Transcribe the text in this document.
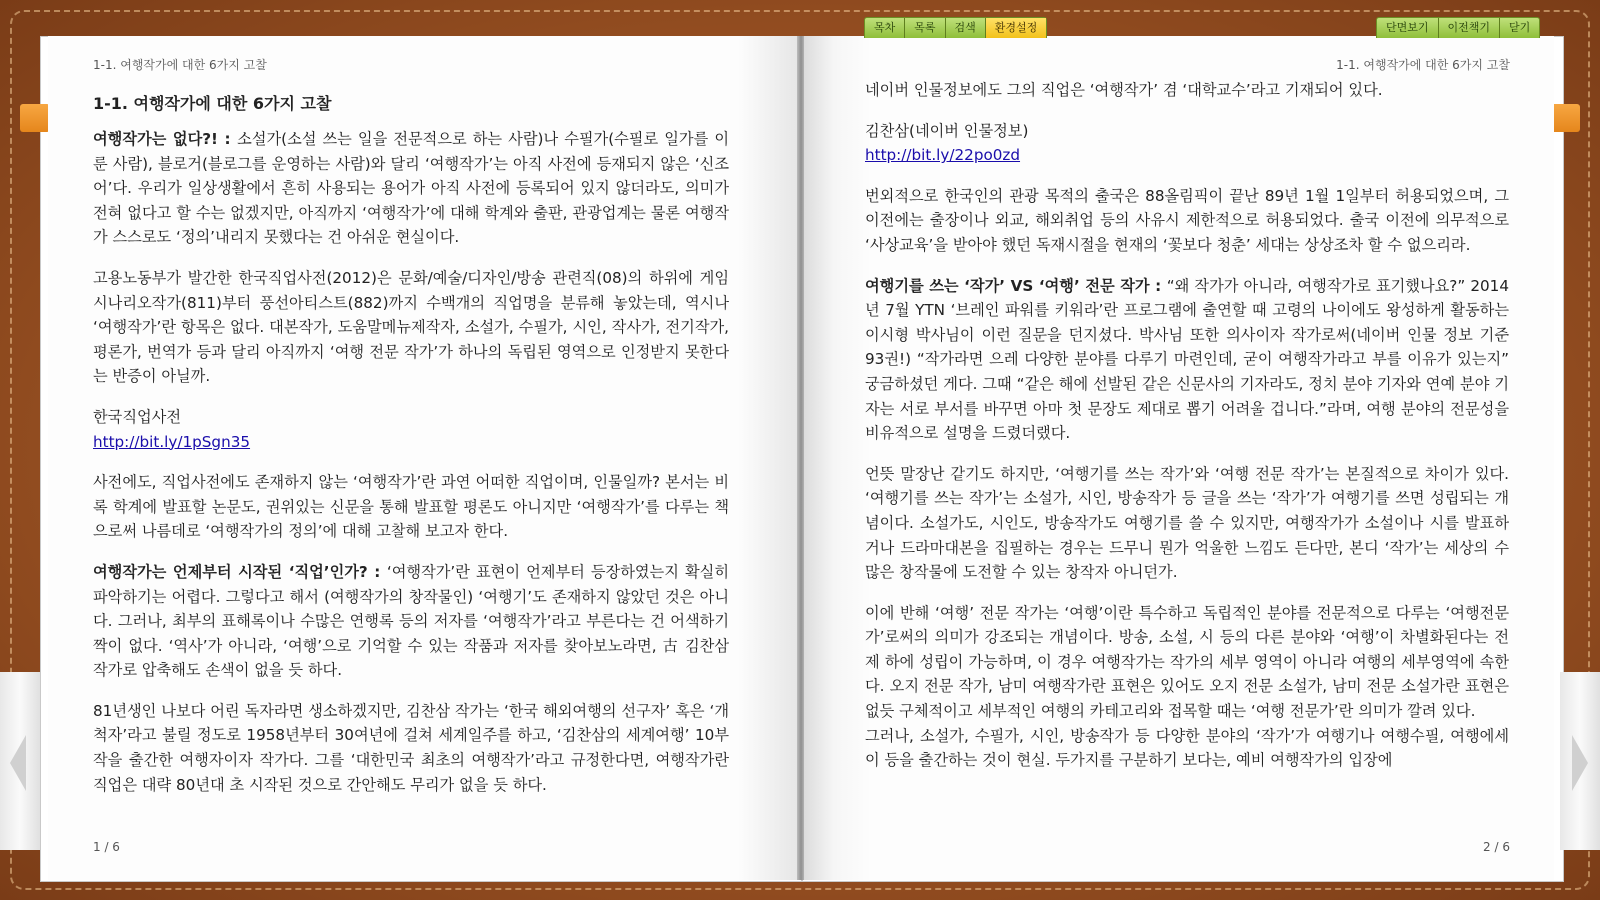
1-1. 여행작가에 대한 6가지 고찰
1-1. 여행작가에 대한 6가지 고찰

여행작가는 없다?! : 소설가(소설 쓰는 일을 전문적으로 하는 사람)나 수필가(수필로 일가를 이룬 사람), 블로거(블로그를 운영하는 사람)와 달리 ‘여행작가’는 아직 사전에 등재되지 않은 ‘신조어’다. 우리가 일상생활에서 흔히 사용되는 용어가 아직 사전에 등록되어 있지 않더라도, 의미가 전혀 없다고 할 수는 없겠지만, 아직까지 ‘여행작가’에 대해 학계와 출판, 관광업계는 물론 여행작가 스스로도 ‘정의’내리지 못했다는 건 아쉬운 현실이다.

고용노동부가 발간한 한국직업사전(2012)은 문화/예술/디자인/방송 관련직(08)의 하위에 게임시나리오작가(811)부터 풍선아티스트(882)까지 수백개의 직업명을 분류해 놓았는데, 역시나 ‘여행작가’란 항목은 없다. 대본작가, 도움말메뉴제작자, 소설가, 수필가, 시인, 작사가, 전기작가, 평론가, 번역가 등과 달리 아직까지 ‘여행 전문 작가’가 하나의 독립된 영역으로 인정받지 못한다는 반증이 아닐까.

한국직업사전
http://bit.ly/1pSgn35

사전에도, 직업사전에도 존재하지 않는 ‘여행작가’란 과연 어떠한 직업이며, 인물일까? 본서는 비록 학계에 발표할 논문도, 권위있는 신문을 통해 발표할 평론도 아니지만 ‘여행작가’를 다루는 책으로써 나름데로 ‘여행작가의 정의’에 대해 고찰해 보고자 한다.

여행작가는 언제부터 시작된 ‘직업’인가? : ‘여행작가’란 표현이 언제부터 등장하였는지 확실히 파악하기는 어렵다. 그렇다고 해서 (여행작가의 창작물인) ‘여행기’도 존재하지 않았던 것은 아니다. 그러나, 최부의 표해록이나 수많은 연행록 등의 저자를 ‘여행작가’라고 부른다는 건 어색하기 짝이 없다. ‘역사’가 아니라, ‘여행’으로 기억할 수 있는 작품과 저자를 찾아보노라면, 古 김찬삼 작가로 압축해도 손색이 없을 듯 하다.

81년생인 나보다 어린 독자라면 생소하겠지만, 김찬삼 작가는 ‘한국 해외여행의 선구자’ 혹은 ‘개척자’라고 불릴 정도로 1958년부터 30여년에 걸쳐 세계일주를 하고, ‘김찬삼의 세계여행’ 10부작을 출간한 여행자이자 작가다. 그를 ‘대한민국 최초의 여행작가’라고 규정한다면, 여행작가란 직업은 대략 80년대 초 시작된 것으로 간안해도 무리가 없을 듯 하다.

1 / 6
1-1. 여행작가에 대한 6가지 고찰

네이버 인물정보에도 그의 직업은 ‘여행작가’ 겸 ‘대학교수’라고 기재되어 있다.

김찬삼(네이버 인물정보)
http://bit.ly/22po0zd

번외적으로 한국인의 관광 목적의 출국은 88올림픽이 끝난 89년 1월 1일부터 허용되었으며, 그 이전에는 출장이나 외교, 해외취업 등의 사유시 제한적으로 허용되었다. 출국 이전에 의무적으로 ‘사상교육’을 받아야 했던 독재시절을 현재의 ‘꽃보다 청춘’ 세대는 상상조차 할 수 없으리라.

여행기를 쓰는 ‘작가’ VS ‘여행’ 전문 작가 : “왜 작가가 아니라, 여행작가로 표기했나요?” 2014년 7월 YTN ‘브레인 파워를 키워라’란 프로그램에 출연할 때 고령의 나이에도 왕성하게 활동하는 이시형 박사님이 이런 질문을 던지셨다. 박사님 또한 의사이자 작가로써(네이버 인물 정보 기준 93권!) “작가라면 으레 다양한 분야를 다루기 마련인데, 굳이 여행작가라고 부를 이유가 있는지” 궁금하셨던 게다. 그때 “같은 해에 선발된 같은 신문사의 기자라도, 정치 분야 기자와 연예 분야 기자는 서로 부서를 바꾸면 아마 첫 문장도 제대로 뽑기 어려울 겁니다.”라며, 여행 분야의 전문성을 비유적으로 설명을 드렸더랬다.

언뜻 말장난 같기도 하지만, ‘여행기를 쓰는 작가’와 ‘여행 전문 작가’는 본질적으로 차이가 있다. ‘여행기를 쓰는 작가’는 소설가, 시인, 방송작가 등 글을 쓰는 ‘작가’가 여행기를 쓰면 성립되는 개념이다. 소설가도, 시인도, 방송작가도 여행기를 쓸 수 있지만, 여행작가가 소설이나 시를 발표하거나 드라마대본을 집필하는 경우는 드무니 뭔가 억울한 느낌도 든다만, 본디 ‘작가’는 세상의 수많은 창작물에 도전할 수 있는 창작자 아니던가.

이에 반해 ‘여행’ 전문 작가는 ‘여행’이란 특수하고 독립적인 분야를 전문적으로 다루는 ‘여행전문가’로써의 의미가 강조되는 개념이다. 방송, 소설, 시 등의 다른 분야와 ‘여행’이 차별화된다는 전제 하에 성립이 가능하며, 이 경우 여행작가는 작가의 세부 영역이 아니라 여행의 세부영역에 속한다. 오지 전문 작가, 남미 여행작가란 표현은 있어도 오지 전문 소설가, 남미 전문 소설가란 표현은 없듯 구체적이고 세부적인 여행의 카테고리와 접목할 때는 ‘여행 전문가’란 의미가 깔려 있다.

그러나, 소설가, 수필가, 시인, 방송작가 등 다양한 분야의 ‘작가’가 여행기나 여행수필, 여행에세이 등을 출간하는 것이 현실. 두가지를 구분하기 보다는, 예비 여행작가의 입장에

2 / 6
목차	목록	검색	환경설정	단면보기	이전책기	닫기
